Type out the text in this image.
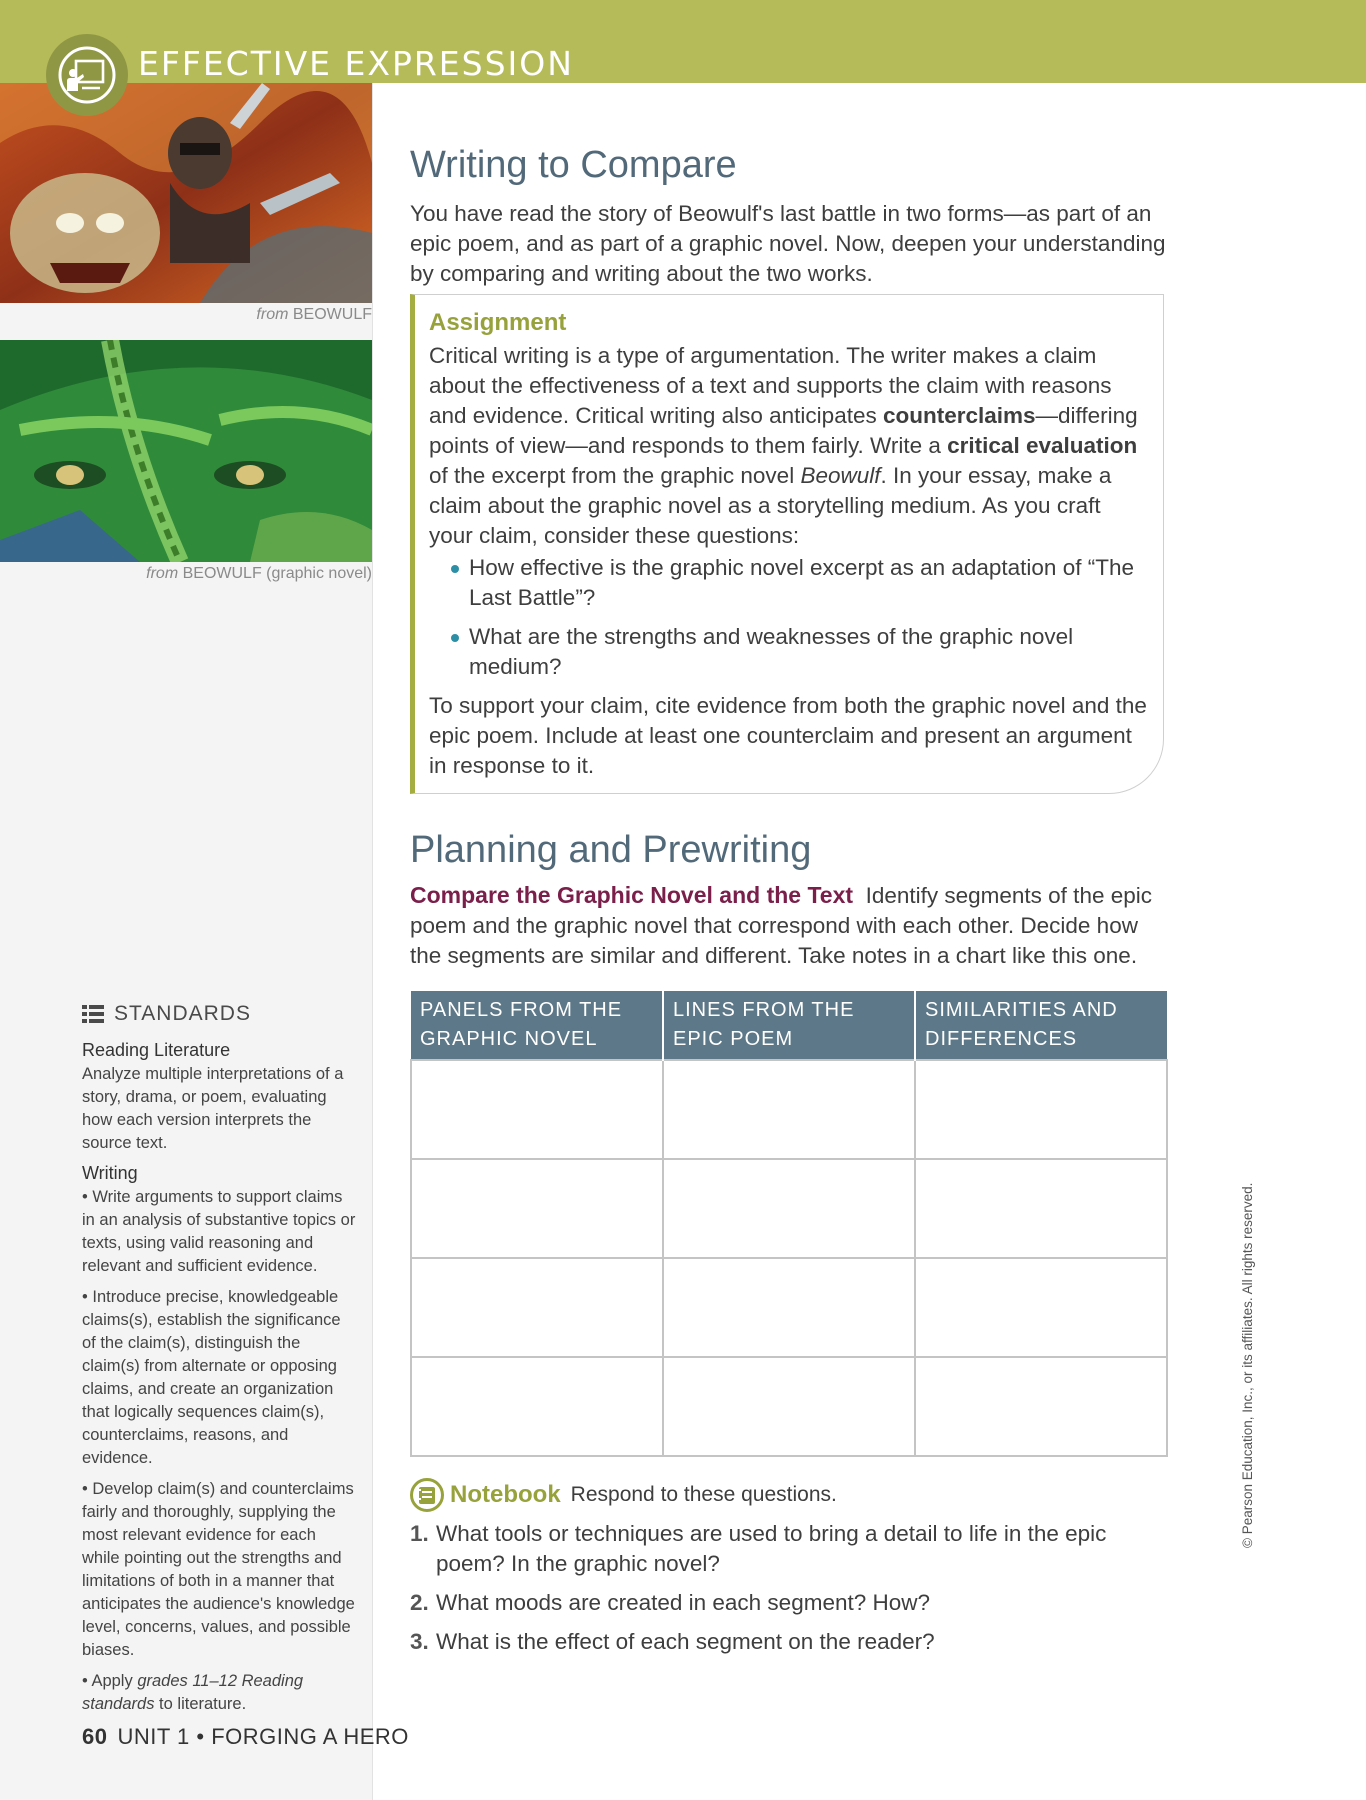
EFFECTIVE EXPRESSION
from BEOWULF
from BEOWULF (graphic novel)
STANDARDS

Reading Literature

Analyze multiple interpretations of a story, drama, or poem, evaluating how each version interprets the source text.

Writing

• Write arguments to support claims in an analysis of substantive topics or texts, using valid reasoning and relevant and sufficient evidence.

• Introduce precise, knowledgeable claims(s), establish the significance of the claim(s), distinguish the claim(s) from alternate or opposing claims, and create an organization that logically sequences claim(s), counterclaims, reasons, and evidence.

• Develop claim(s) and counterclaims fairly and thoroughly, supplying the most relevant evidence for each while pointing out the strengths and limitations of both in a manner that anticipates the audience's knowledge level, concerns, values, and possible biases.

• Apply grades 11–12 Reading standards to literature.

60 UNIT 1 • FORGING A HERO
Writing to Compare

You have read the story of Beowulf's last battle in two forms—as part of an epic poem, and as part of a graphic novel. Now, deepen your understanding by comparing and writing about the two works.

Assignment

Critical writing is a type of argumentation. The writer makes a claim about the effectiveness of a text and supports the claim with reasons and evidence. Critical writing also anticipates counterclaims—differing points of view—and responds to them fairly. Write a critical evaluation of the excerpt from the graphic novel Beowulf. In your essay, make a claim about the graphic novel as a storytelling medium. As you craft your claim, consider these questions:

How effective is the graphic novel excerpt as an adaptation of “The Last Battle”?
What are the strengths and weaknesses of the graphic novel medium?

To support your claim, cite evidence from both the graphic novel and the epic poem. Include at least one counterclaim and present an argument in response to it.

Planning and Prewriting

Compare the Graphic Novel and the Text Identify segments of the epic poem and the graphic novel that correspond with each other. Decide how the segments are similar and different. Take notes in a chart like this one.

PANELS FROM THE GRAPHIC NOVEL	LINES FROM THE EPIC POEM	SIMILARITIES AND DIFFERENCES

Notebook Respond to these questions.
1. What tools or techniques are used to bring a detail to life in the epic poem? In the graphic novel?
2. What moods are created in each segment? How?
3. What is the effect of each segment on the reader?
© Pearson Education, Inc., or its affiliates. All rights reserved.
